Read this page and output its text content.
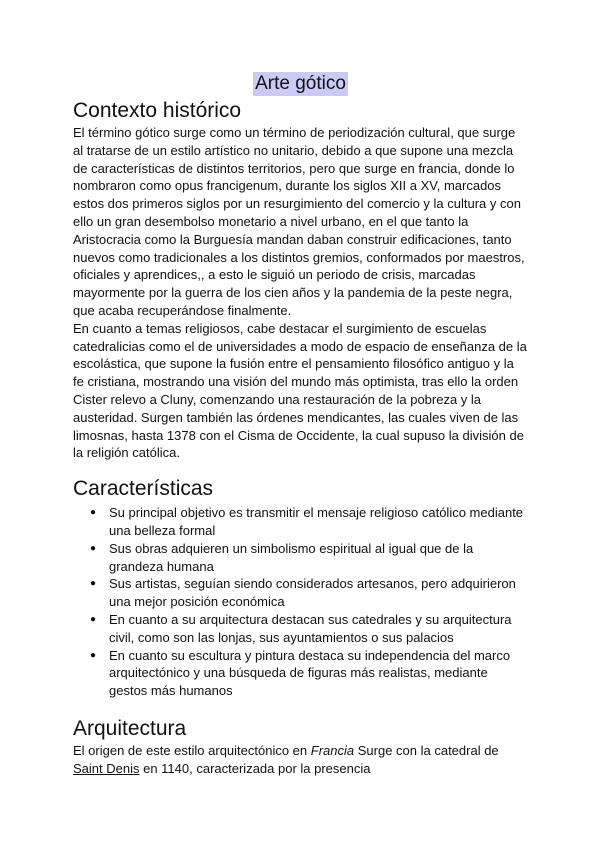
Arte gótico
Contexto histórico

El término gótico surge como un término de periodización cultural, que surge al tratarse de un estilo artístico no unitario, debido a que supone una mezcla de características de distintos territorios, pero que surge en francia, donde lo nombraron como opus francigenum, durante los siglos XII a XV, marcados estos dos primeros siglos por un resurgimiento del comercio y la cultura y con ello un gran desembolso monetario a nivel urbano, en el que tanto la Aristocracia como la Burguesía mandan daban construir edificaciones, tanto nuevos como tradicionales a los distintos gremios, conformados por maestros, oficiales y aprendices,, a esto le siguió un periodo de crisis, marcadas mayormente por la guerra de los cien años y la pandemia de la peste negra, que acaba recuperándose finalmente.

En cuanto a temas religiosos, cabe destacar el surgimiento de escuelas catedralicias como el de universidades a modo de espacio de enseñanza de la escolástica, que supone la fusión entre el pensamiento filosófico antiguo y la fe cristiana, mostrando una visión del mundo más optimista, tras ello la orden Cister relevo a Cluny, comenzando una restauración de la pobreza y la austeridad. Surgen también las órdenes mendicantes, las cuales viven de las limosnas, hasta 1378 con el Cisma de Occidente, la cual supuso la división de la religión católica.

Características
● Su principal objetivo es transmitir el mensaje religioso católico mediante una belleza formal
● Sus obras adquieren un simbolismo espiritual al igual que de la grandeza humana
● Sus artistas, seguían siendo considerados artesanos, pero adquirieron una mejor posición económica
● En cuanto a su arquitectura destacan sus catedrales y su arquitectura civil, como son las lonjas, sus ayuntamientos o sus palacios
● En cuanto su escultura y pintura destaca su independencia del marco arquitectónico y una búsqueda de figuras más realistas, mediante gestos más humanos
Arquitectura

El origen de este estilo arquitectónico en Francia Surge con la catedral de Saint Denis en 1140, caracterizada por la presencia
